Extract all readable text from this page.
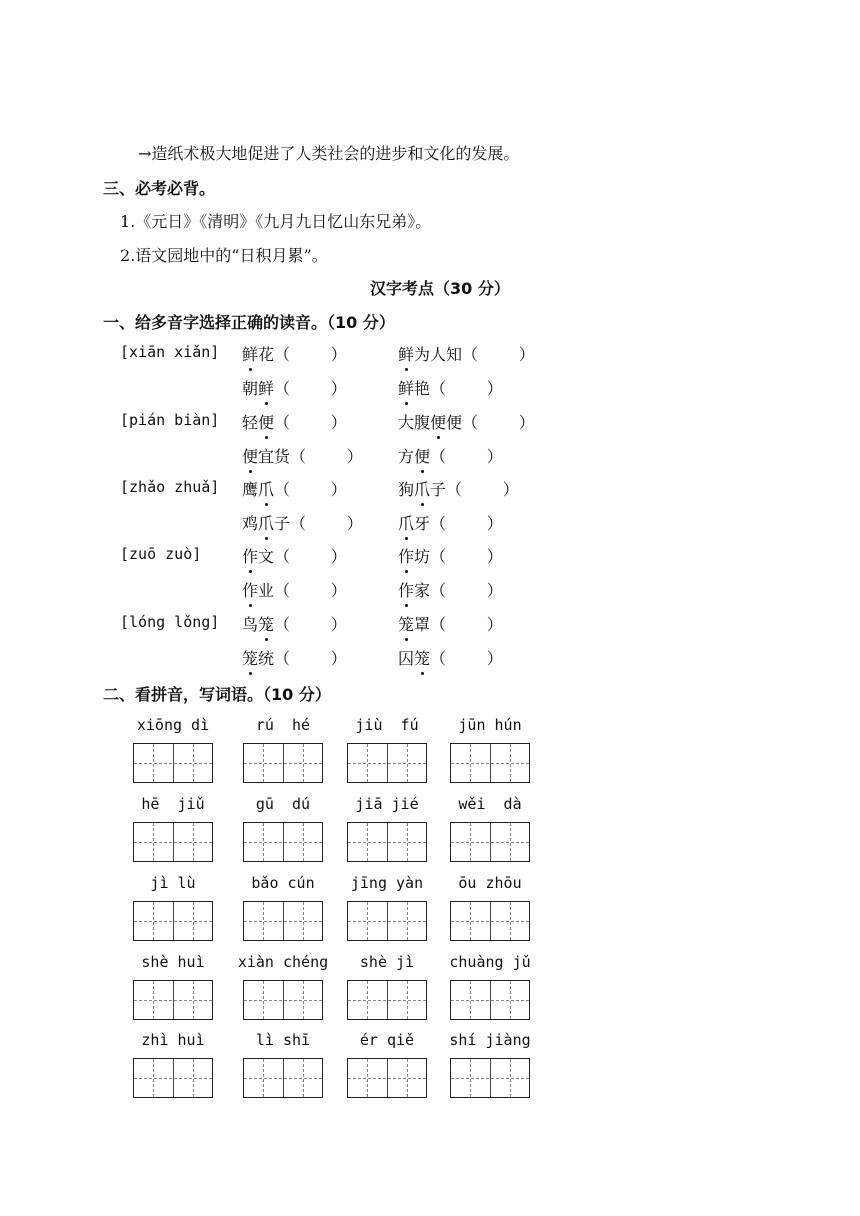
→造纸术极大地促进了人类社会的进步和文化的发展。
三、必考必背。
1.《元日》《清明》《九月九日忆山东兄弟》。
2.语文园地中的“日积月累”。
汉字考点（30 分）
一、给多音字选择正确的读音。（10 分）
[xiān xiǎn] 鲜花（        ）	鲜为人知（        ）
朝鲜（        ）	鲜艳（        ）
[pián biàn] 轻便（        ）	大腹便便（        ）
便宜货（        ） 方便（        ）
[zhǎo zhuǎ] 鹰爪（        ）	狗爪子（        ）
鸡爪子（        ） 爪牙（        ）
[zuō zuò]	作文（        ）	作坊（        ）
作业（        ）	作家（        ）
[lóng lǒng] 鸟笼（        ）	笼罩（        ）
笼统（        ）	囚笼（        ）
二、看拼音，写词语。（10 分）
xiōng dì	rú  hé	jiù  fú	jūn hún
hē  jiǔ	gū  dú	jiā jié	wěi  dà
jì lù	bǎo cún	jīng yàn	ōu zhōu
shè huì	xiàn chéng	shè jì	chuàng jǔ
zhì huì	lì shī	ér qiě	shí jiàng
